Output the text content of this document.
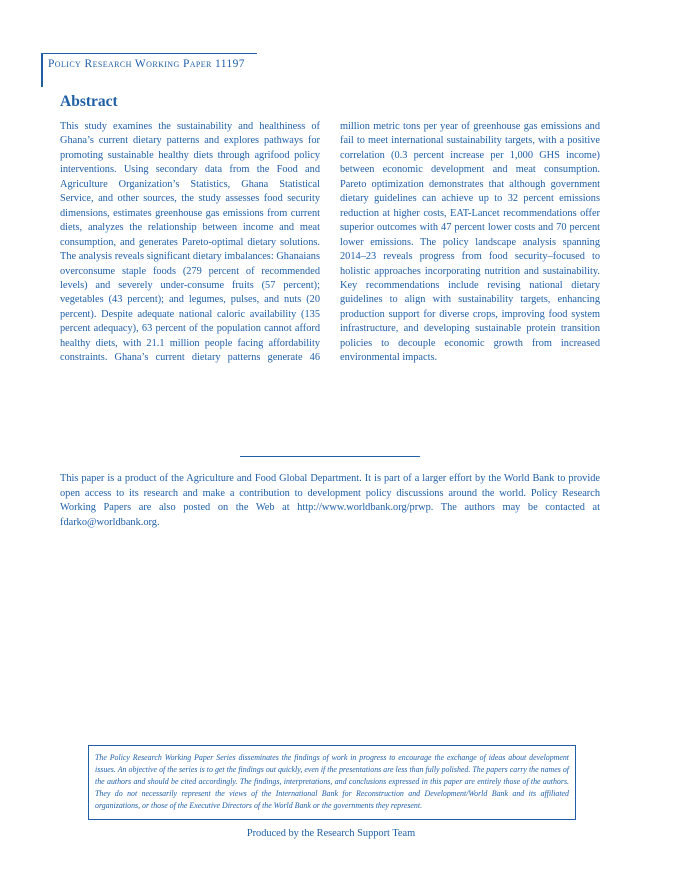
Policy Research Working Paper 11197
Abstract

This study examines the sustainability and healthiness of Ghana’s current dietary patterns and explores pathways for promoting sustainable healthy diets through agrifood policy interventions. Using secondary data from the Food and Agriculture Organization’s Statistics, Ghana Statistical Service, and other sources, the study assesses food security dimensions, estimates greenhouse gas emissions from current diets, analyzes the relationship between income and meat consumption, and generates Pareto-optimal dietary solutions. The analysis reveals significant dietary imbalances: Ghanaians overconsume staple foods (279 percent of recommended levels) and severely under-consume fruits (57 percent); vegetables (43 percent); and legumes, pulses, and nuts (20 percent). Despite adequate national caloric availability (135 percent adequacy), 63 percent of the population cannot afford healthy diets, with 21.1 million people facing affordability constraints. Ghana’s current dietary patterns generate 46 million metric tons per year of greenhouse gas emissions and fail to meet international sustainability targets, with a positive correlation (0.3 percent increase per 1,000 GHS income) between economic development and meat consumption. Pareto optimization demonstrates that although government dietary guidelines can achieve up to 32 percent emissions reduction at higher costs, EAT-Lancet recommendations offer superior outcomes with 47 percent lower costs and 70 percent lower emissions. The policy landscape analysis spanning 2014–23 reveals progress from food security–focused to holistic approaches incorporating nutrition and sustainability. Key recommendations include revising national dietary guidelines to align with sustainability targets, enhancing production support for diverse crops, improving food system infrastructure, and developing sustainable protein transition policies to decouple economic growth from increased environmental impacts.

This paper is a product of the Agriculture and Food Global Department. It is part of a larger effort by the World Bank to provide open access to its research and make a contribution to development policy discussions around the world. Policy Research Working Papers are also posted on the Web at http://www.worldbank.org/prwp. The authors may be contacted at fdarko@worldbank.org.

The Policy Research Working Paper Series disseminates the findings of work in progress to encourage the exchange of ideas about development issues. An objective of the series is to get the findings out quickly, even if the presentations are less than fully polished. The papers carry the names of the authors and should be cited accordingly. The findings, interpretations, and conclusions expressed in this paper are entirely those of the authors. They do not necessarily represent the views of the International Bank for Reconstruction and Development/World Bank and its affiliated organizations, or those of the Executive Directors of the World Bank or the governments they represent.

Produced by the Research Support Team
